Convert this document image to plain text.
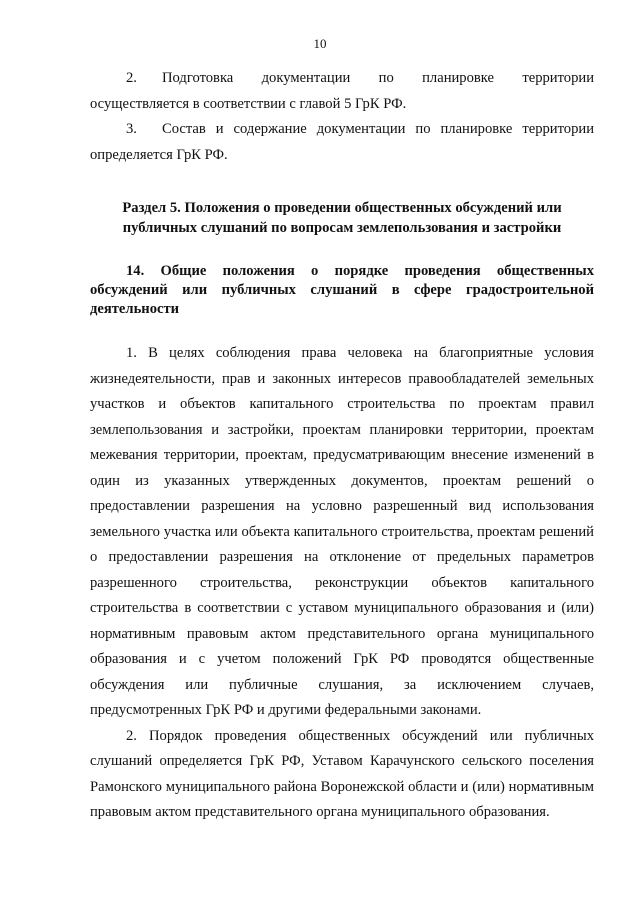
10

2. Подготовка документации по планировке территории осуществляется в соответствии с главой 5 ГрК РФ.

3. Состав и содержание документации по планировке территории определяется ГрК РФ.

Раздел 5. Положения о проведении общественных обсуждений или публичных слушаний по вопросам землепользования и застройки

14. Общие положения о порядке проведения общественных обсуждений или публичных слушаний в сфере градостроительной деятельности

1. В целях соблюдения права человека на благоприятные условия жизнедеятельности, прав и законных интересов правообладателей земельных участков и объектов капитального строительства по проектам правил землепользования и застройки, проектам планировки территории, проектам межевания территории, проектам, предусматривающим внесение изменений в один из указанных утвержденных документов, проектам решений о предоставлении разрешения на условно разрешенный вид использования земельного участка или объекта капитального строительства, проектам решений о предоставлении разрешения на отклонение от предельных параметров разрешенного строительства, реконструкции объектов капитального строительства в соответствии с уставом муниципального образования и (или) нормативным правовым актом представительного органа муниципального образования и с учетом положений ГрК РФ проводятся общественные обсуждения или публичные слушания, за исключением случаев, предусмотренных ГрК РФ и другими федеральными законами.

2. Порядок проведения общественных обсуждений или публичных слушаний определяется ГрК РФ, Уставом Карачунского сельского поселения Рамонского муниципального района Воронежской области и (или) нормативным правовым актом представительного органа муниципального образования.
